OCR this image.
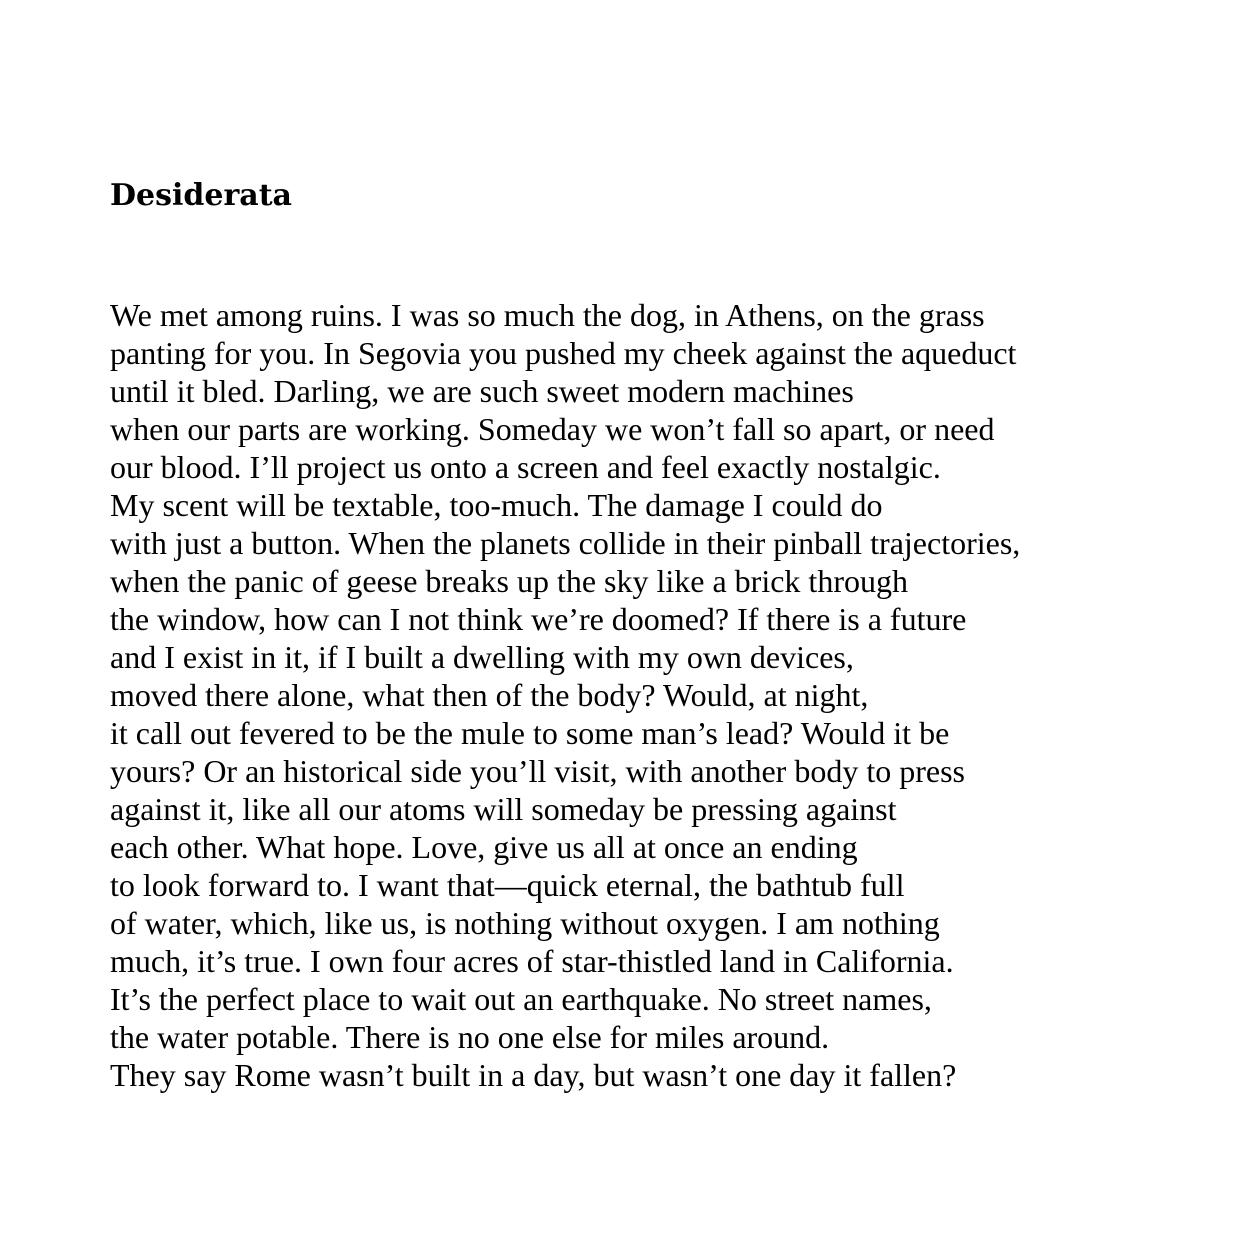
Desiderata
We met among ruins. I was so much the dog, in Athens, on the grass
panting for you. In Segovia you pushed my cheek against the aqueduct
until it bled. Darling, we are such sweet modern machines
when our parts are working. Someday we won’t fall so apart, or need
our blood. I’ll project us onto a screen and feel exactly nostalgic.
My scent will be textable, too-much. The damage I could do
with just a button. When the planets collide in their pinball trajectories,
when the panic of geese breaks up the sky like a brick through
the window, how can I not think we’re doomed? If there is a future
and I exist in it, if I built a dwelling with my own devices,
moved there alone, what then of the body? Would, at night,
it call out fevered to be the mule to some man’s lead? Would it be
yours? Or an historical side you’ll visit, with another body to press
against it, like all our atoms will someday be pressing against
each other. What hope. Love, give us all at once an ending
to look forward to. I want that—quick eternal, the bathtub full
of water, which, like us, is nothing without oxygen. I am nothing
much, it’s true. I own four acres of star-thistled land in California.
It’s the perfect place to wait out an earthquake. No street names,
the water potable. There is no one else for miles around.
They say Rome wasn’t built in a day, but wasn’t one day it fallen?
